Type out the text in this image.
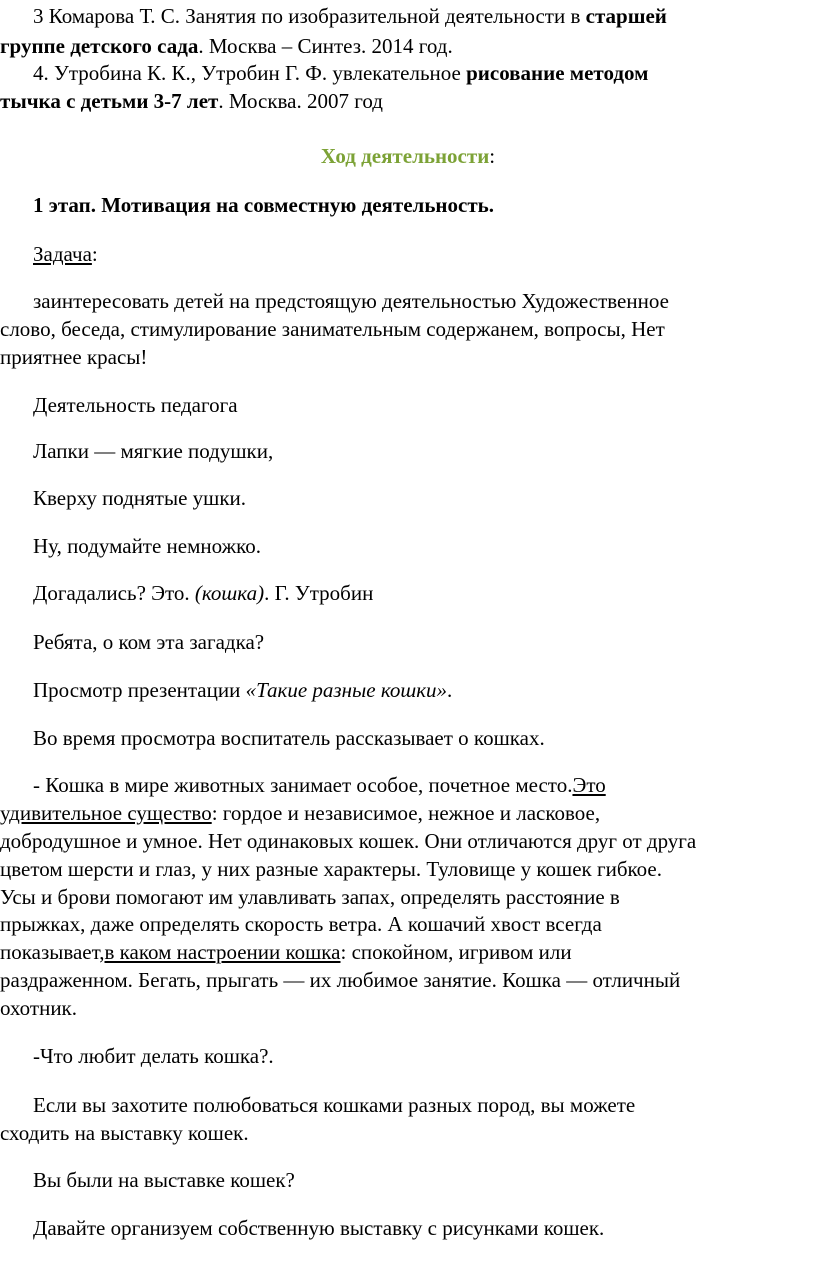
3 Комарова Т. С. Занятия по изобразительной деятельности в старшей
группе детского сада. Москва – Синтез. 2014 год.
4. Утробина К. К., Утробин Г. Ф. увлекательное рисование методом
тычка с детьми 3-7 лет. Москва. 2007 год
Ход деятельности:
1 этап. Мотивация на совместную деятельность.
Задача:
заинтересовать детей на предстоящую деятельностью Художественное
слово, беседа, стимулирование занимательным содержанем, вопросы, Нет
приятнее красы!
Деятельность педагога
Лапки — мягкие подушки,
Кверху поднятые ушки.
Ну, подумайте немножко.
Догадались? Это. (кошка). Г. Утробин
Ребята, о ком эта загадка?
Просмотр презентации «Такие разные кошки».
Во время просмотра воспитатель рассказывает о кошках.
- Кошка в мире животных занимает особое, почетное место.Это
удивительное существо: гордое и независимое, нежное и ласковое,
добродушное и умное. Нет одинаковых кошек. Они отличаются друг от друга
цветом шерсти и глаз, у них разные характеры. Туловище у кошек гибкое.
Усы и брови помогают им улавливать запах, определять расстояние в
прыжках, даже определять скорость ветра. А кошачий хвост всегда
показывает,в каком настроении кошка: спокойном, игривом или
раздраженном. Бегать, прыгать — их любимое занятие. Кошка — отличный
охотник.
-Что любит делать кошка?.
Если вы захотите полюбоваться кошками разных пород, вы можете
сходить на выставку кошек.
Вы были на выставке кошек?
Давайте организуем собственную выставку с рисунками кошек.
